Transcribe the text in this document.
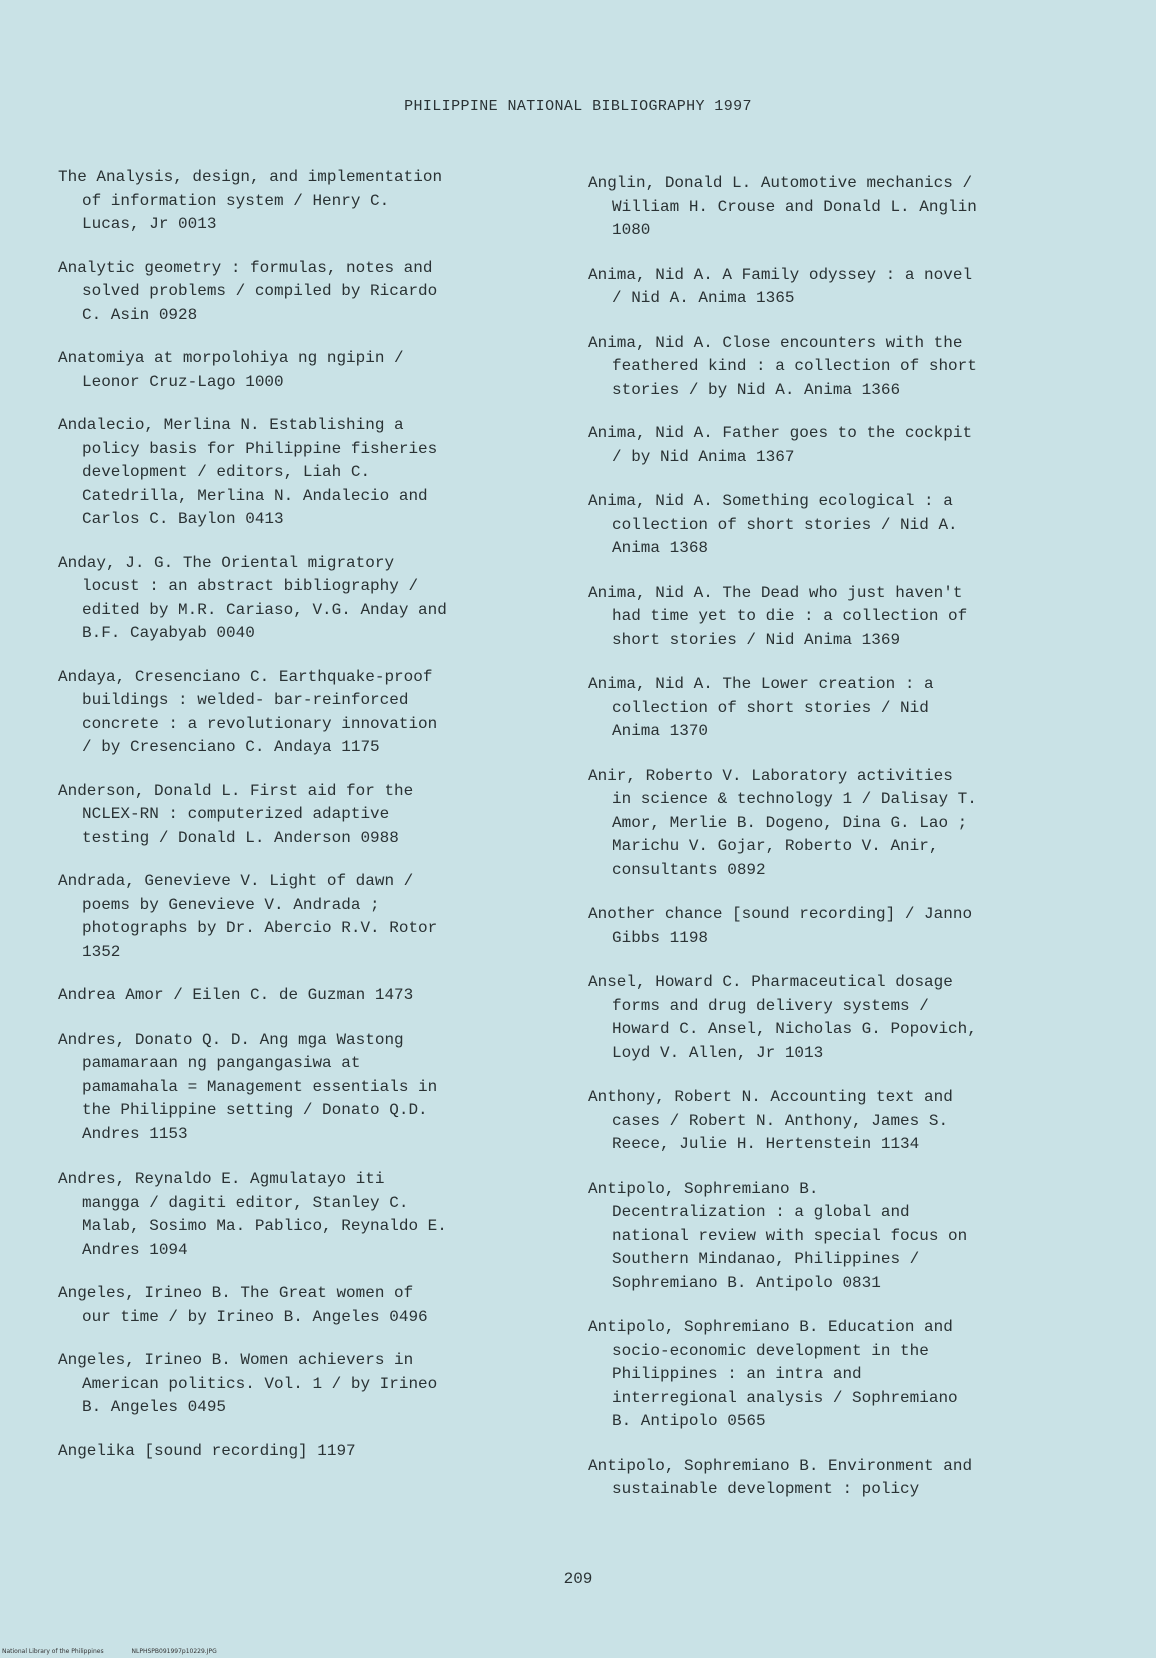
PHILIPPINE NATIONAL BIBLIOGRAPHY 1997
The Analysis, design, and implementation
of information system / Henry C.
Lucas, Jr 0013
Analytic geometry : formulas, notes and
solved problems / compiled by Ricardo
C. Asin 0928
Anatomiya at morpolohiya ng ngipin /
Leonor Cruz-Lago 1000
Andalecio, Merlina N. Establishing a
policy basis for Philippine fisheries
development / editors, Liah C.
Catedrilla, Merlina N. Andalecio and
Carlos C. Baylon 0413
Anday, J. G. The Oriental migratory
locust : an abstract bibliography /
edited by M.R. Cariaso, V.G. Anday and
B.F. Cayabyab 0040
Andaya, Cresenciano C. Earthquake-proof
buildings : welded- bar-reinforced
concrete : a revolutionary innovation
/ by Cresenciano C. Andaya 1175
Anderson, Donald L. First aid for the
NCLEX-RN : computerized adaptive
testing / Donald L. Anderson 0988
Andrada, Genevieve V. Light of dawn /
poems by Genevieve V. Andrada ;
photographs by Dr. Abercio R.V. Rotor
1352
Andrea Amor / Eilen C. de Guzman 1473
Andres, Donato Q. D. Ang mga Wastong
pamamaraan ng pangangasiwa at
pamamahala = Management essentials in
the Philippine setting / Donato Q.D.
Andres 1153
Andres, Reynaldo E. Agmulatayo iti
mangga / dagiti editor, Stanley C.
Malab, Sosimo Ma. Pablico, Reynaldo E.
Andres 1094
Angeles, Irineo B. The Great women of
our time / by Irineo B. Angeles 0496
Angeles, Irineo B. Women achievers in
American politics. Vol. 1 / by Irineo
B. Angeles 0495
Angelika [sound recording] 1197
Anglin, Donald L. Automotive mechanics /
William H. Crouse and Donald L. Anglin
1080
Anima, Nid A. A Family odyssey : a novel
/ Nid A. Anima 1365
Anima, Nid A. Close encounters with the
feathered kind : a collection of short
stories / by Nid A. Anima 1366
Anima, Nid A. Father goes to the cockpit
/ by Nid Anima 1367
Anima, Nid A. Something ecological : a
collection of short stories / Nid A.
Anima 1368
Anima, Nid A. The Dead who just haven't
had time yet to die : a collection of
short stories / Nid Anima 1369
Anima, Nid A. The Lower creation : a
collection of short stories / Nid
Anima 1370
Anir, Roberto V. Laboratory activities
in science & technology 1 / Dalisay T.
Amor, Merlie B. Dogeno, Dina G. Lao ;
Marichu V. Gojar, Roberto V. Anir,
consultants 0892
Another chance [sound recording] / Janno
Gibbs 1198
Ansel, Howard C. Pharmaceutical dosage
forms and drug delivery systems /
Howard C. Ansel, Nicholas G. Popovich,
Loyd V. Allen, Jr 1013
Anthony, Robert N. Accounting text and
cases / Robert N. Anthony, James S.
Reece, Julie H. Hertenstein 1134
Antipolo, Sophremiano B.
Decentralization : a global and
national review with special focus on
Southern Mindanao, Philippines /
Sophremiano B. Antipolo 0831
Antipolo, Sophremiano B. Education and
socio-economic development in the
Philippines : an intra and
interregional analysis / Sophremiano
B. Antipolo 0565
Antipolo, Sophremiano B. Environment and
sustainable development : policy
209
National Library of the Philippines	NLPHSPB091997p10229.JPG
